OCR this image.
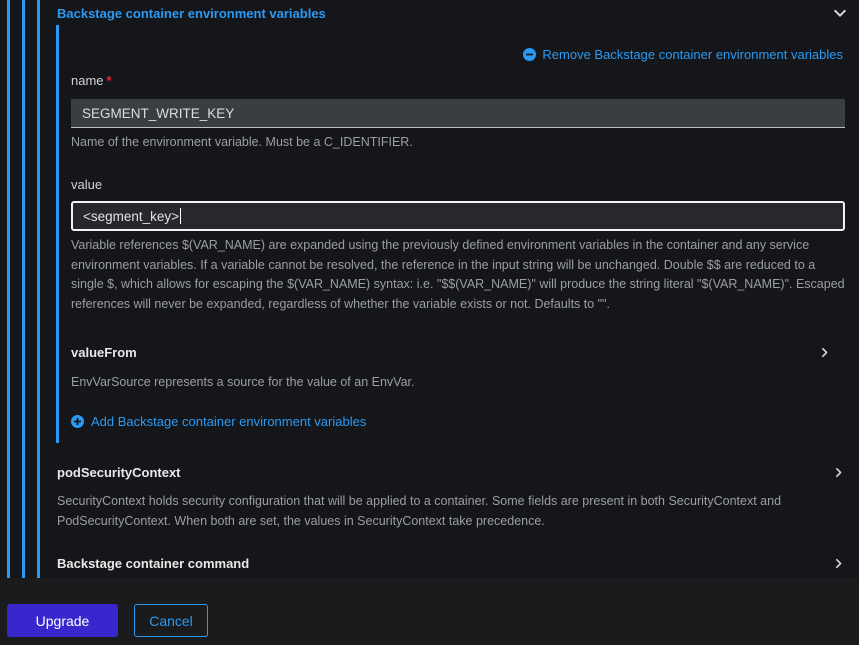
Backstage container environment variables
Remove Backstage container environment variables
name *
SEGMENT_WRITE_KEY
Name of the environment variable. Must be a C_IDENTIFIER.
value
<segment_key>
Variable references $(VAR_NAME) are expanded using the previously defined environment variables in the container and any service environment variables. If a variable cannot be resolved, the reference in the input string will be unchanged. Double $$ are reduced to a single $, which allows for escaping the $(VAR_NAME) syntax: i.e. "$$(VAR_NAME)" will produce the string literal "$(VAR_NAME)". Escaped references will never be expanded, regardless of whether the variable exists or not. Defaults to "".
valueFrom
EnvVarSource represents a source for the value of an EnvVar.
Add Backstage container environment variables
podSecurityContext
SecurityContext holds security configuration that will be applied to a container. Some fields are present in both SecurityContext and PodSecurityContext. When both are set, the values in SecurityContext take precedence.
Backstage container command
Upgrade	Cancel
